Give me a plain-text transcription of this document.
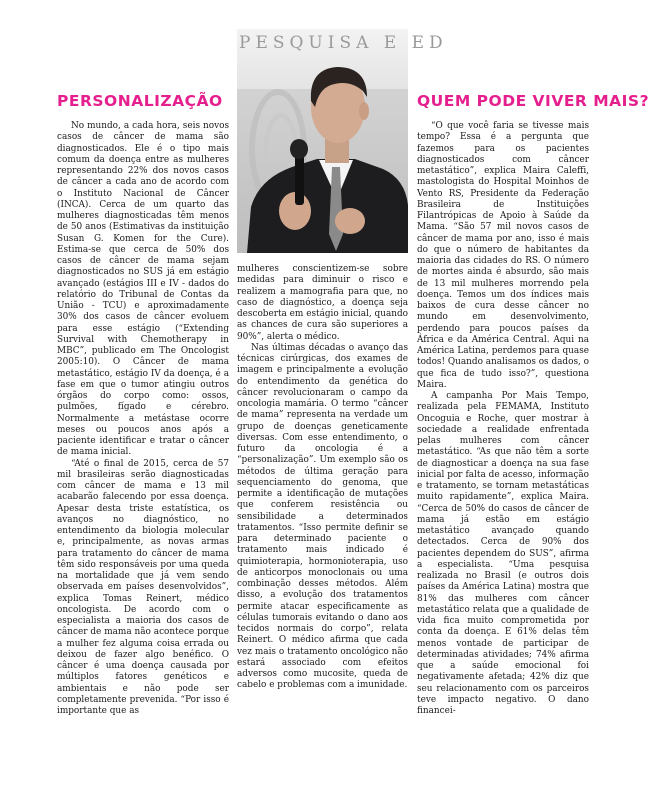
PERSONALIZAÇÃO	QUEM PODE VIVER MAIS?
PESQUISA E ED

No mundo, a cada hora, seis novos casos de câncer de mama são diagnosticados. Ele é o tipo mais comum da doença entre as mulheres representando 22% dos novos casos de câncer a cada ano de acordo com o Instituto Nacional de Câncer (INCA). Cerca de um quarto das mulheres diagnosticadas têm menos de 50 anos (Estimativas da instituição Susan G. Komen for the Cure). Estima-se que cerca de 50% dos casos de câncer de mama sejam diagnosticados no SUS já em estágio avançado (estágios III e IV - dados do relatório do Tribunal de Contas da União - TCU) e aproximadamente 30% dos casos de câncer evoluem para esse estágio (“Extending Survival with Chemotherapy in MBC”, publicado em The Oncologist 2005:10). O Câncer de mama metastático, estágio IV da doença, é a fase em que o tumor atingiu outros órgãos do corpo como: ossos, pulmões, fígado e cérebro. Normalmente a metástase ocorre meses ou poucos anos após a paciente identificar e tratar o câncer de mama inicial.

“Até o final de 2015, cerca de 57 mil brasileiras serão diagnosticadas com câncer de mama e 13 mil acabarão falecendo por essa doença. Apesar desta triste estatística, os avanços no diagnóstico, no entendimento da biologia molecular e, principalmente, as novas armas para tratamento do câncer de mama têm sido responsáveis por uma queda na mortalidade que já vem sendo observada em países desenvolvidos”, explica Tomas Reinert, médico oncologista. De acordo com o especialista a maioria dos casos de câncer de mama não acontece porque a mulher fez alguma coisa errada ou deixou de fazer algo benéfico. O câncer é uma doença causada por múltiplos fatores genéticos e ambientais e não pode ser completamente prevenida. “Por isso é importante que as

mulheres conscientizem-se sobre medidas para diminuir o risco e realizem a mamografia para que, no caso de diagnóstico, a doença seja descoberta em estágio inicial, quando as chances de cura são superiores a 90%”, alerta o médico.

Nas últimas décadas o avanço das técnicas cirúrgicas, dos exames de imagem e principalmente a evolução do entendimento da genética do câncer revolucionaram o campo da oncologia mamária. O termo “câncer de mama” representa na verdade um grupo de doenças geneticamente diversas. Com esse entendimento, o futuro da oncologia é a “personalização”. Um exemplo são os métodos de última geração para sequenciamento do genoma, que permite a identificação de mutações que conferem resistência ou sensibilidade a determinados tratamentos. “Isso permite definir se para determinado paciente o tratamento mais indicado é quimioterapia, hormonioterapia, uso de anticorpos monoclonais ou uma combinação desses métodos. Além disso, a evolução dos tratamentos permite atacar especificamente as células tumorais evitando o dano aos tecidos normais do corpo”, relata Reinert. O médico afirma que cada vez mais o tratamento oncológico não estará associado com efeitos adversos como mucosite, queda de cabelo e problemas com a imunidade.

“O que você faria se tivesse mais tempo? Essa é a pergunta que fazemos para os pacientes diagnosticados com câncer metastático”, explica Maira Caleffi, mastologista do Hospital Moinhos de Vento RS, Presidente da Federação Brasileira de Instituições Filantrópicas de Apoio à Saúde da Mama. “São 57 mil novos casos de câncer de mama por ano, isso é mais do que o número de habitantes da maioria das cidades do RS. O número de mortes ainda é absurdo, são mais de 13 mil mulheres morrendo pela doença. Temos um dos índices mais baixos de cura desse câncer no mundo em desenvolvimento, perdendo para poucos países da África e da América Central. Aqui na América Latina, perdemos para quase todos! Quando analisamos os dados, o que fica de tudo isso?”, questiona Maira.

A campanha Por Mais Tempo, realizada pela FEMAMA, Instituto Oncoguia e Roche, quer mostrar à sociedade a realidade enfrentada pelas mulheres com câncer metastático. “As que não têm a sorte de diagnosticar a doença na sua fase inicial por falta de acesso, informação e tratamento, se tornam metastáticas muito rapidamente”, explica Maira. “Cerca de 50% do casos de câncer de mama já estão em estágio metastático avançado quando detectados. Cerca de 90% dos pacientes dependem do SUS”, afirma a especialista. “Uma pesquisa realizada no Brasil (e outros dois países da América Latina) mostra que 81% das mulheres com câncer metastático relata que a qualidade de vida fica muito comprometida por conta da doença. E 61% delas têm menos vontade de participar de determinadas atividades; 74% afirma que a saúde emocional foi negativamente afetada; 42% diz que seu relacionamento com os parceiros teve impacto negativo. O dano financei-
